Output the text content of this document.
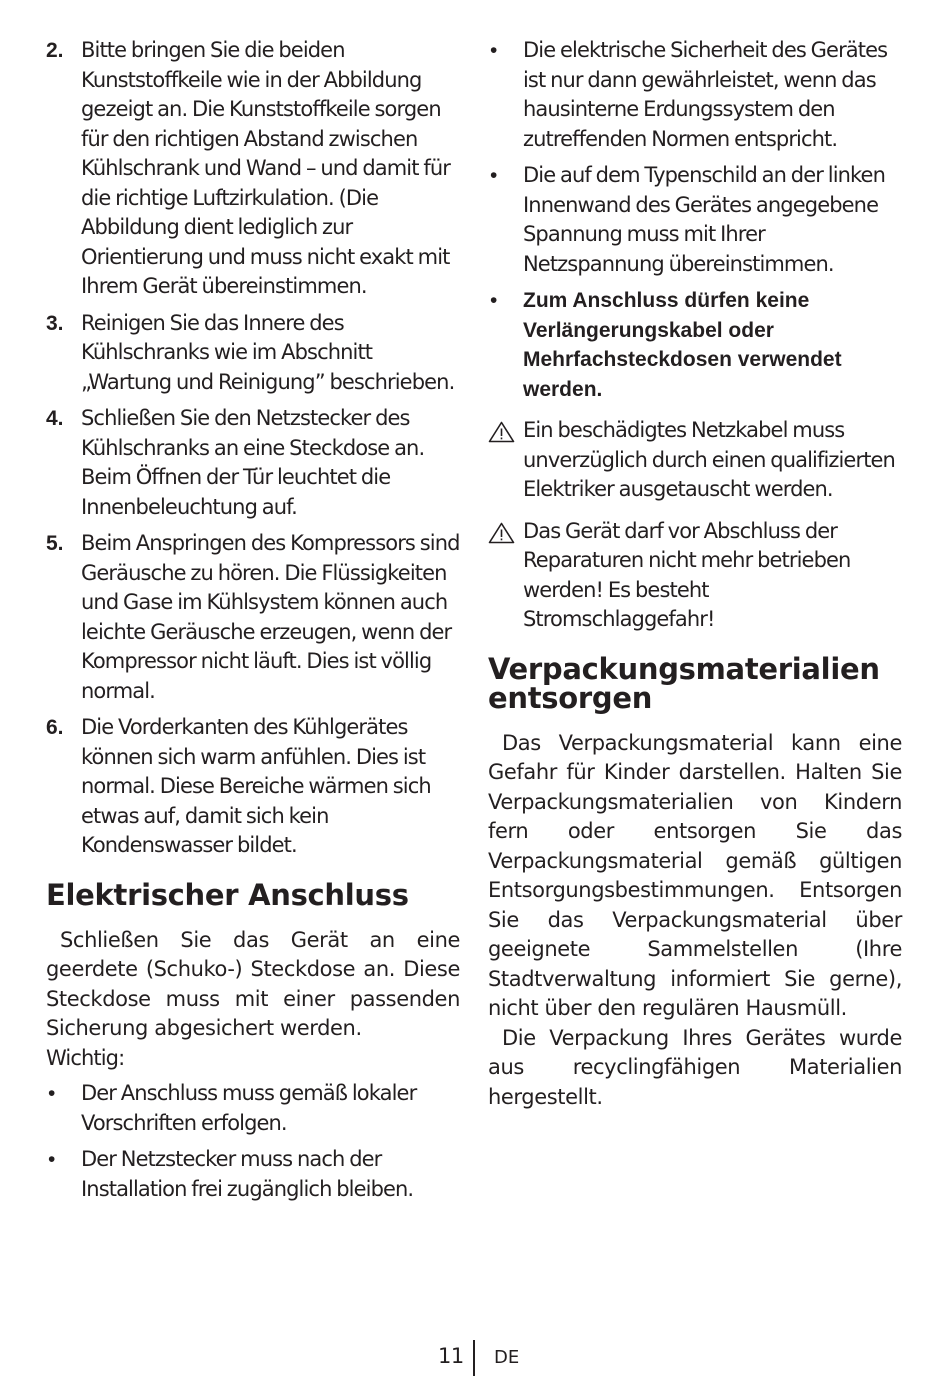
2. Bitte bringen Sie die beiden Kunststoffkeile wie in der Abbildung gezeigt an. Die Kunststoffkeile sorgen für den richtigen Abstand zwischen Kühlschrank und Wand – und damit für die richtige Luftzirkulation. (Die Abbildung dient lediglich zur Orientierung und muss nicht exakt mit Ihrem Gerät übereinstimmen.
3. Reinigen Sie das Innere des Kühlschranks wie im Abschnitt „Wartung und Reinigung” beschrieben.
4. Schließen Sie den Netzstecker des Kühlschranks an eine Steckdose an. Beim Öffnen der Tür leuchtet die Innenbeleuchtung auf.
5. Beim Anspringen des Kompressors sind Geräusche zu hören. Die Flüssigkeiten und Gase im Kühlsystem können auch leichte Geräusche erzeugen, wenn der Kompressor nicht läuft. Dies ist völlig normal.
6. Die Vorderkanten des Kühlgerätes können sich warm anfühlen. Dies ist normal. Diese Bereiche wärmen sich etwas auf, damit sich kein Kondenswasser bildet.
Elektrischer Anschluss
Schließen Sie das Gerät an eine geerdete (Schuko-) Steckdose an. Diese Steckdose muss mit einer passenden Sicherung abgesichert werden.
Wichtig:
• Der Anschluss muss gemäß lokaler Vorschriften erfolgen.
• Der Netzstecker muss nach der Installation frei zugänglich bleiben.
• Die elektrische Sicherheit des Gerätes ist nur dann gewährleistet, wenn das hausinterne Erdungssystem den zutreffenden Normen entspricht.
• Die auf dem Typenschild an der linken Innenwand des Gerätes angegebene Spannung muss mit Ihrer Netzspannung übereinstimmen.
• Zum Anschluss dürfen keine Verlängerungskabel oder Mehrfachsteckdosen verwendet werden.
Ein beschädigtes Netzkabel muss unverzüglich durch einen qualifizierten Elektriker ausgetauscht werden.
Das Gerät darf vor Abschluss der Reparaturen nicht mehr betrieben werden! Es besteht Stromschlaggefahr!
Verpackungsmaterialien entsorgen
Das Verpackungsmaterial kann eine Gefahr für Kinder darstellen. Halten Sie Verpackungsmaterialien von Kindern fern oder entsorgen Sie das Verpackungsmaterial gemäß gültigen Entsorgungsbestimmungen. Entsorgen Sie das Verpackungsmaterial über geeignete Sammelstellen (Ihre Stadtverwaltung informiert Sie gerne), nicht über den regulären Hausmüll.
Die Verpackung Ihres Gerätes wurde aus recyclingfähigen Materialien hergestellt.
11 DE
